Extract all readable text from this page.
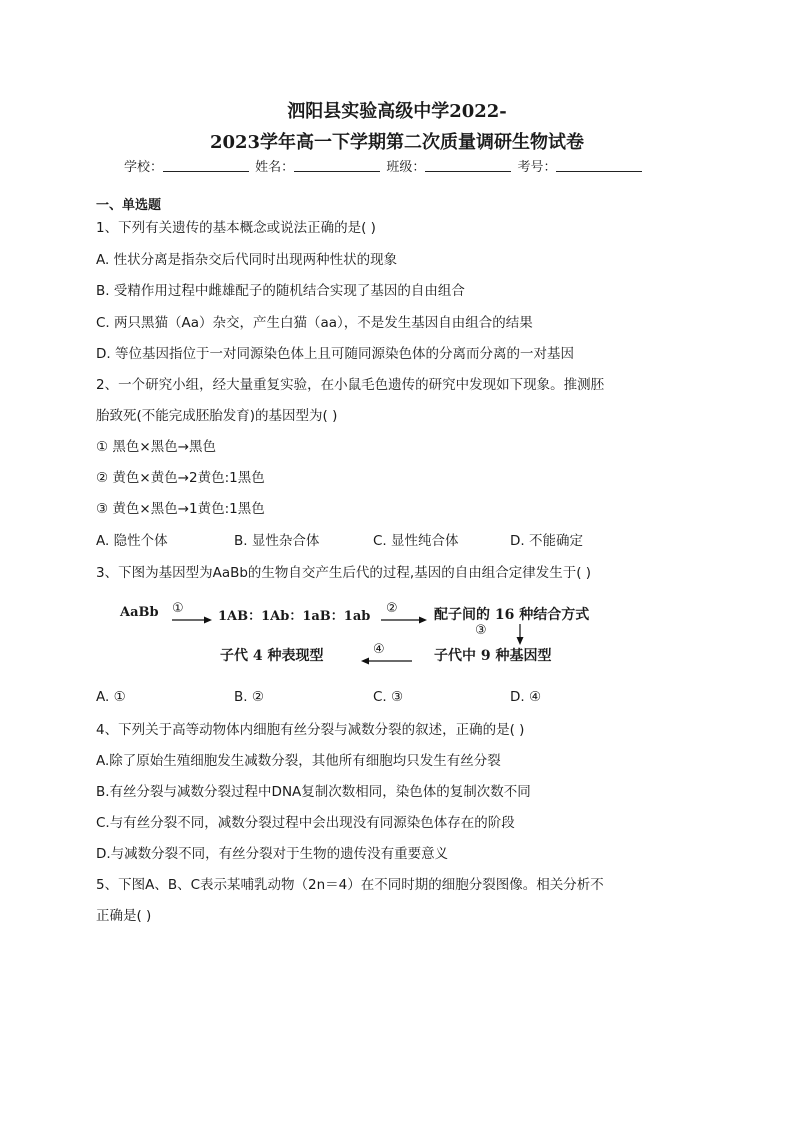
泗阳县实验高级中学2022-
2023学年高一下学期第二次质量调研生物试卷
学校：	姓名：	班级：	考号：
一、单选题
1、下列有关遗传的基本概念或说法正确的是( )
A. 性状分离是指杂交后代同时出现两种性状的现象
B. 受精作用过程中雌雄配子的随机结合实现了基因的自由组合
C. 两只黑猫（Aa）杂交，产生白猫（aa），不是发生基因自由组合的结果
D. 等位基因指位于一对同源染色体上且可随同源染色体的分离而分离的一对基因
2、一个研究小组，经大量重复实验，在小鼠毛色遗传的研究中发现如下现象。推测胚
胎致死(不能完成胚胎发育)的基因型为( )
① 黑色×黑色→黑色
② 黄色×黄色→2黄色:1黑色
③ 黄色×黑色→1黄色:1黑色
A. 隐性个体	B. 显性杂合体	C. 显性纯合体	D. 不能确定
3、下图为基因型为AaBb的生物自交产生后代的过程,基因的自由组合定律发生于( )
AaBb ①
1AB：1Ab：1aB：1ab
②	配子间的 16 种结合方式
③
子代中 9 种基因型
④
子代 4 种表现型
A. ①	B. ②	C. ③	D. ④
4、下列关于高等动物体内细胞有丝分裂与减数分裂的叙述，正确的是( )
A.除了原始生殖细胞发生减数分裂，其他所有细胞均只发生有丝分裂
B.有丝分裂与减数分裂过程中DNA复制次数相同，染色体的复制次数不同
C.与有丝分裂不同，减数分裂过程中会出现没有同源染色体存在的阶段
D.与减数分裂不同，有丝分裂对于生物的遗传没有重要意义
5、下图A、B、C表示某哺乳动物（2n＝4）在不同时期的细胞分裂图像。相关分析不
正确是( )
